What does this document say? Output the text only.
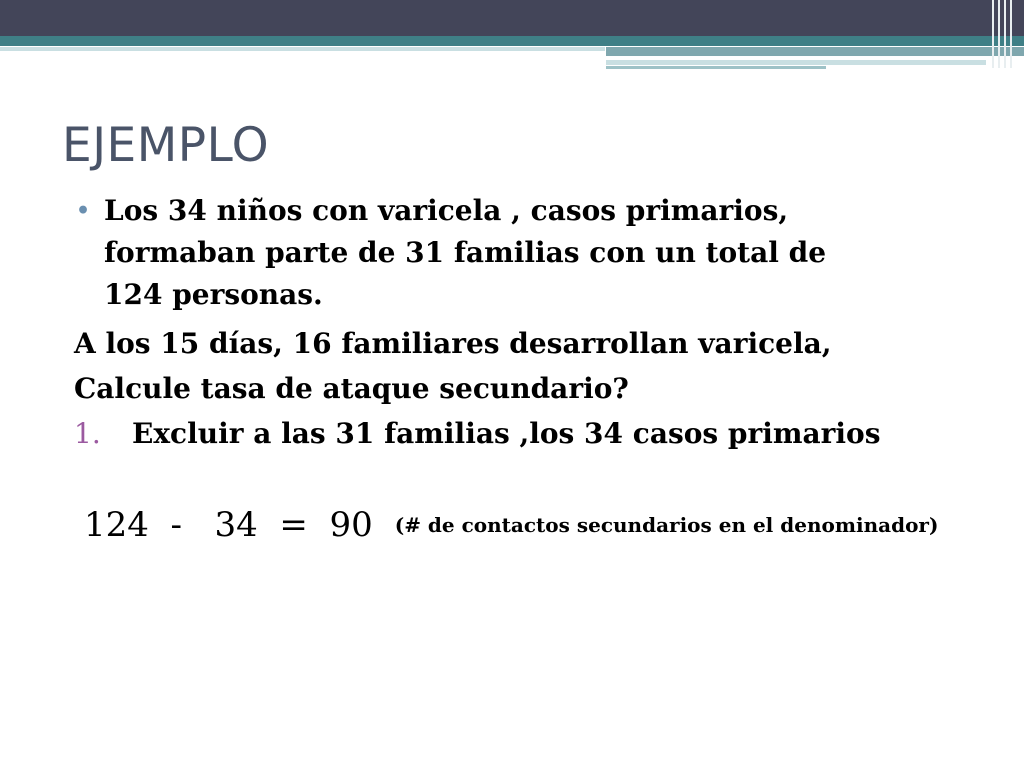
EJEMPLO
• Los 34 niños con varicela , casos primarios,
formaban parte de 31 familias con un total de
124 personas.
A los 15 días, 16 familiares desarrollan varicela,
Calcule tasa de ataque secundario?
1. Excluir a las 31 familias ,los 34 casos primarios
124 - 34 = 90 (# de contactos secundarios en el denominador)
